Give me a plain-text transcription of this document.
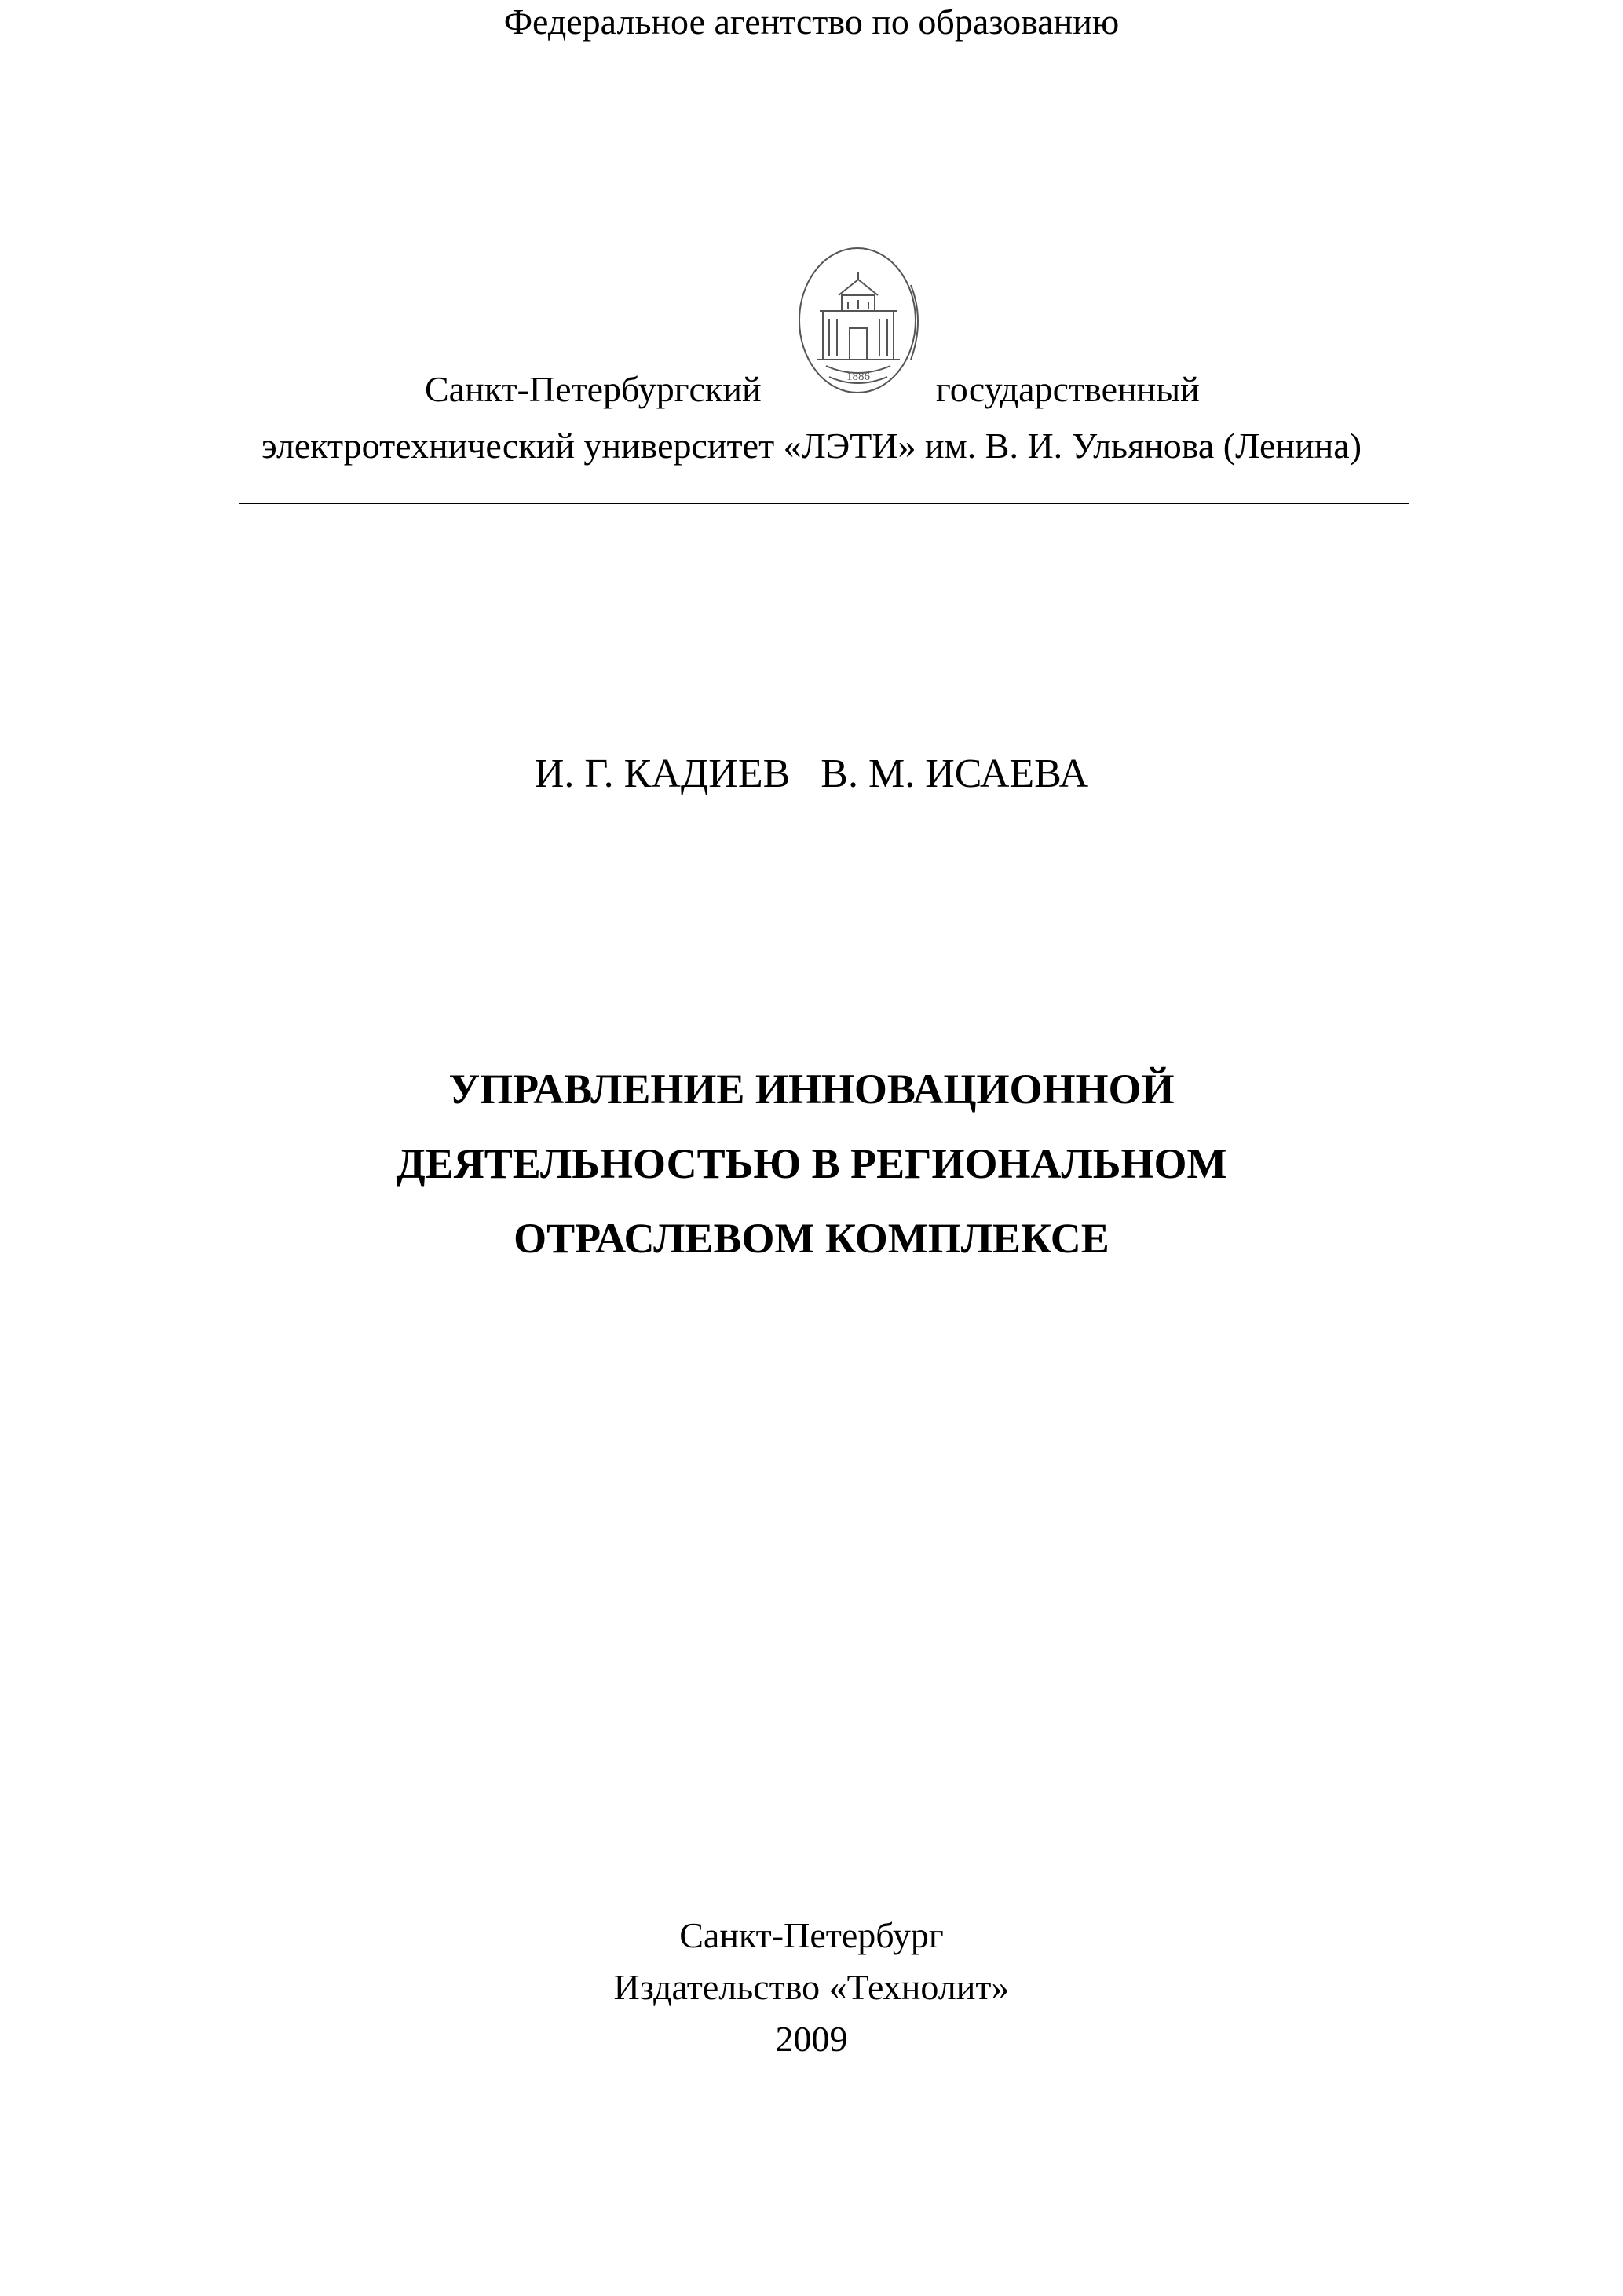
Федеральное агентство по образованию
1886
Санкт-Петербургский	государственный
электротехнический университет «ЛЭТИ» им. В. И. Ульянова (Ленина)
И. Г. КАДИЕВ   В. М. ИСАЕВА
УПРАВЛЕНИЕ ИННОВАЦИОННОЙ
ДЕЯТЕЛЬНОСТЬЮ В РЕГИОНАЛЬНОМ
ОТРАСЛЕВОМ КОМПЛЕКСЕ
Санкт-Петербург
Издательство «Технолит»
2009
